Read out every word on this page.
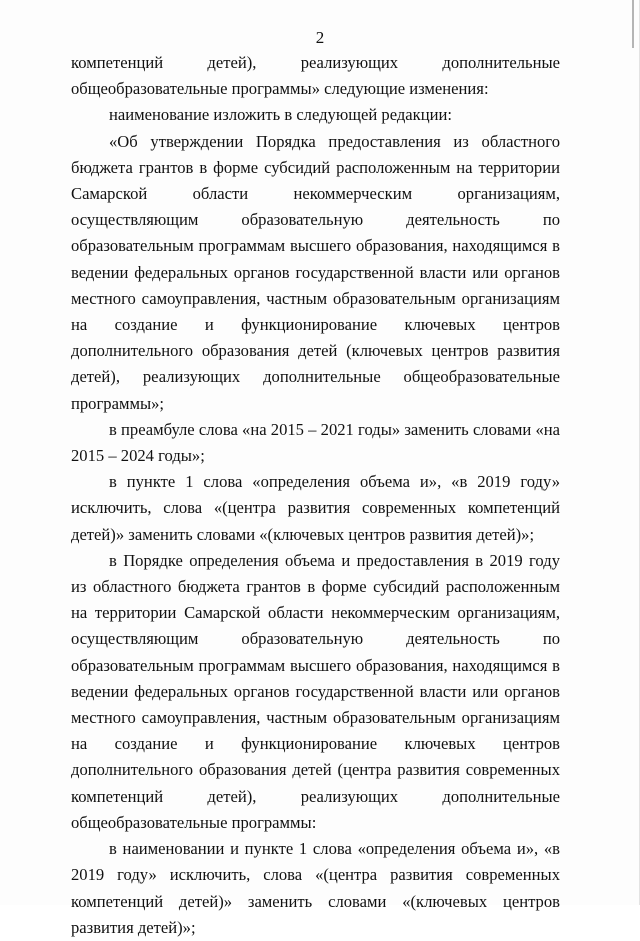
2

компетенций детей), реализующих дополнительные общеобразовательные программы» следующие изменения:

наименование изложить в следующей редакции:

«Об утверждении Порядка предоставления из областного бюджета грантов в форме субсидий расположенным на территории Самарской области некоммерческим организациям, осуществляющим образовательную деятельность по образовательным программам высшего образования, находящимся в ведении федеральных органов государственной власти или органов местного самоуправления, частным образовательным организациям на создание и функционирование ключевых центров дополнительного образования детей (ключевых центров развития детей), реализующих дополнительные общеобразовательные программы»;

в преамбуле слова «на 2015 – 2021 годы» заменить словами «на 2015 – 2024 годы»;

в пункте 1 слова «определения объема и», «в 2019 году» исключить, слова «(центра развития современных компетенций детей)» заменить словами «(ключевых центров развития детей)»;

в Порядке определения объема и предоставления в 2019 году из областного бюджета грантов в форме субсидий расположенным на территории Самарской области некоммерческим организациям, осуществляющим образовательную деятельность по образовательным программам высшего образования, находящимся в ведении федеральных органов государственной власти или органов местного самоуправления, частным образовательным организациям на создание и функционирование ключевых центров дополнительного образования детей (центра развития современных компетенций детей), реализующих дополнительные общеобразовательные программы:

в наименовании и пункте 1 слова «определения объема и», «в 2019 году» исключить, слова «(центра развития современных компетенций детей)» заменить словами «(ключевых центров развития детей)»;
